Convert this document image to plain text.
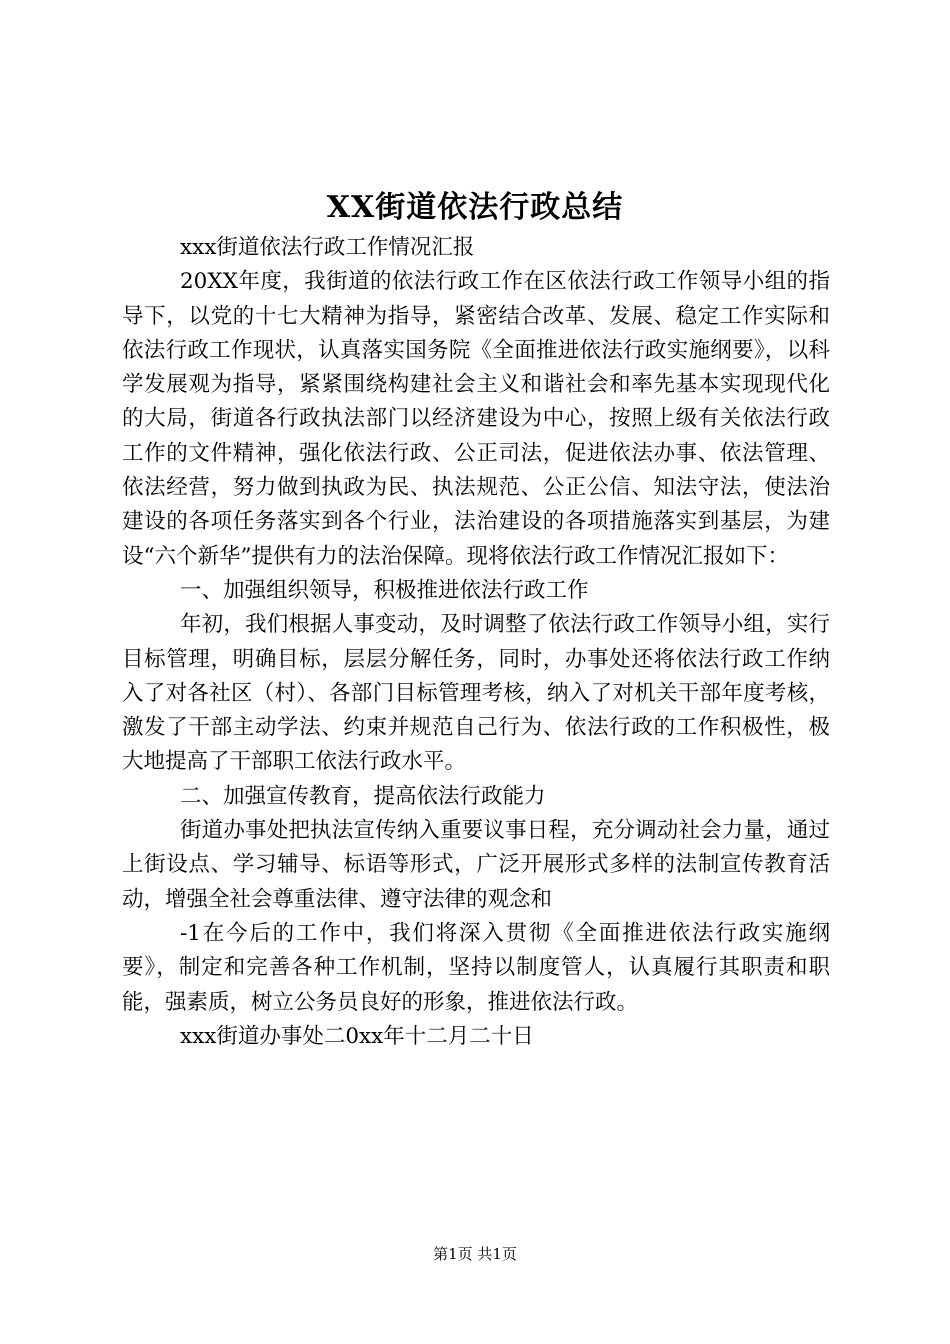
XX街道依法行政总结

xxx街道依法行政工作情况汇报

20XX年度，我街道的依法行政工作在区依法行政工作领导小组的指导下，以党的十七大精神为指导，紧密结合改革、发展、稳定工作实际和依法行政工作现状，认真落实国务院《全面推进依法行政实施纲要》，以科学发展观为指导，紧紧围绕构建社会主义和谐社会和率先基本实现现代化的大局，街道各行政执法部门以经济建设为中心，按照上级有关依法行政工作的文件精神，强化依法行政、公正司法，促进依法办事、依法管理、依法经营，努力做到执政为民、执法规范、公正公信、知法守法，使法治建设的各项任务落实到各个行业，法治建设的各项措施落实到基层，为建设“六个新华”提供有力的法治保障。现将依法行政工作情况汇报如下：

一、加强组织领导，积极推进依法行政工作

年初，我们根据人事变动，及时调整了依法行政工作领导小组，实行目标管理，明确目标，层层分解任务，同时，办事处还将依法行政工作纳入了对各社区（村）、各部门目标管理考核，纳入了对机关干部年度考核，激发了干部主动学法、约束并规范自己行为、依法行政的工作积极性，极大地提高了干部职工依法行政水平。

二、加强宣传教育，提高依法行政能力

街道办事处把执法宣传纳入重要议事日程，充分调动社会力量，通过上街设点、学习辅导、标语等形式，广泛开展形式多样的法制宣传教育活动，增强全社会尊重法律、遵守法律的观念和

-1在今后的工作中，我们将深入贯彻《全面推进依法行政实施纲要》，制定和完善各种工作机制，坚持以制度管人，认真履行其职责和职能，强素质，树立公务员良好的形象，推进依法行政。

xxx街道办事处二0xx年十二月二十日

第1页 共1页
